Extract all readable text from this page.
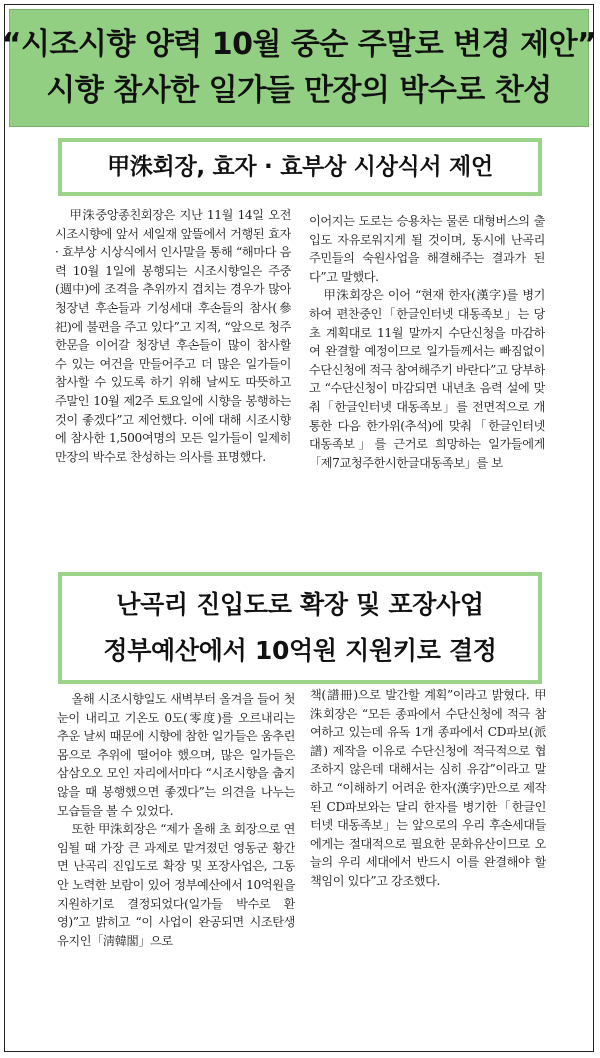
“시조시향 양력 10월 중순 주말로 변경 제안”
시향 참사한 일가들 만장의 박수로 찬성
甲洙회장, 효자 · 효부상 시상식서 제언

甲洙중앙종친회장은 지난 11월 14일 오전 시조시향에 앞서 세일재 앞뜰에서 거행된 효자 · 효부상 시상식에서 인사말을 통해 “해마다 음력 10월 1일에 봉행되는 시조시향일은 주중(週中)에 조격을 추위까지 겹치는 경우가 많아 청장년 후손들과 기성세대 후손들의 참사(參祀)에 불편을 주고 있다”고 지적, “앞으로 청주한문을 이어갈 청장년 후손들이 많이 참사할 수 있는 여건을 만들어주고 더 많은 일가들이 참사할 수 있도록 하기 위해 날씨도 따뜻하고 주말인 10월 제2주 토요일에 시향을 봉행하는 것이 좋겠다”고 제언했다. 이에 대해 시조시향에 참사한 1,500여명의 모든 일가들이 일제히 만장의 박수로 찬성하는 의사를 표명했다.

이어지는 도로는 승용차는 물론 대형버스의 출입도 자유로워지게 될 것이며, 동시에 난곡리 주민들의 숙원사업을 해결해주는 결과가 된다”고 말했다.

甲洙회장은 이어 “현재 한자(漢字)를 병기하여 편찬중인「한글인터넷 대동족보」는 당초 계획대로 11월 말까지 수단신청을 마감하여 완결할 예정이므로 일가들께서는 빠짐없이 수단신청에 적극 참여해주기 바란다”고 당부하고 “수단신청이 마감되면 내년초 음력 설에 맞춰「한글인터넷 대동족보」를 전면적으로 개통한 다음 한가위(추석)에 맞춰「한글인터넷 대동족보」를 근거로 희망하는 일가들에게「제7교청주한시한글대동족보」를 보

난곡리 진입도로 확장 및 포장사업
정부예산에서 10억원 지원키로 결정

올해 시조시향일도 새벽부터 올겨을 들어 첫눈이 내리고 기온도 0도(零度)를 오르내리는 추운 날씨 때문에 시향에 참한 일가들은 움추린 몸으로 추위에 떨어야 했으며, 많은 일가들은 삼삼오오 모인 자리에서마다 “시조시향을 춥지않을 때 봉행했으면 좋겠다”는 의견을 나누는 모습들을 볼 수 있었다.

또한 甲洙회장은 “제가 올해 초 회장으로 연임될 때 가장 큰 과제로 맡겨졌던 영동군 황간면 난곡리 진입도로 확장 및 포장사업은, 그동안 노력한 보람이 있어 정부예산에서 10억원을 지원하기로 결정되었다(일가들 박수로 환영)”고 밝히고 “이 사업이 완공되면 시조탄생유지인「淸韓閣」으로

책(譜冊)으로 발간할 계획”이라고 밝혔다. 甲洙회장은 “모든 종파에서 수단신청에 적극 참여하고 있는데 유독 1개 종파에서 CD파보(派譜) 제작을 이유로 수단신청에 적극적으로 협조하지 않은데 대해서는 심히 유감”이라고 말하고 “이해하기 어려운 한자(漢字)만으로 제작된 CD파보와는 달리 한자를 병기한「한글인터넷 대동족보」는 앞으로의 우리 후손세대들에게는 절대적으로 필요한 문화유산이므로 오늘의 우리 세대에서 반드시 이를 완결해야 할 책임이 있다”고 강조했다.
